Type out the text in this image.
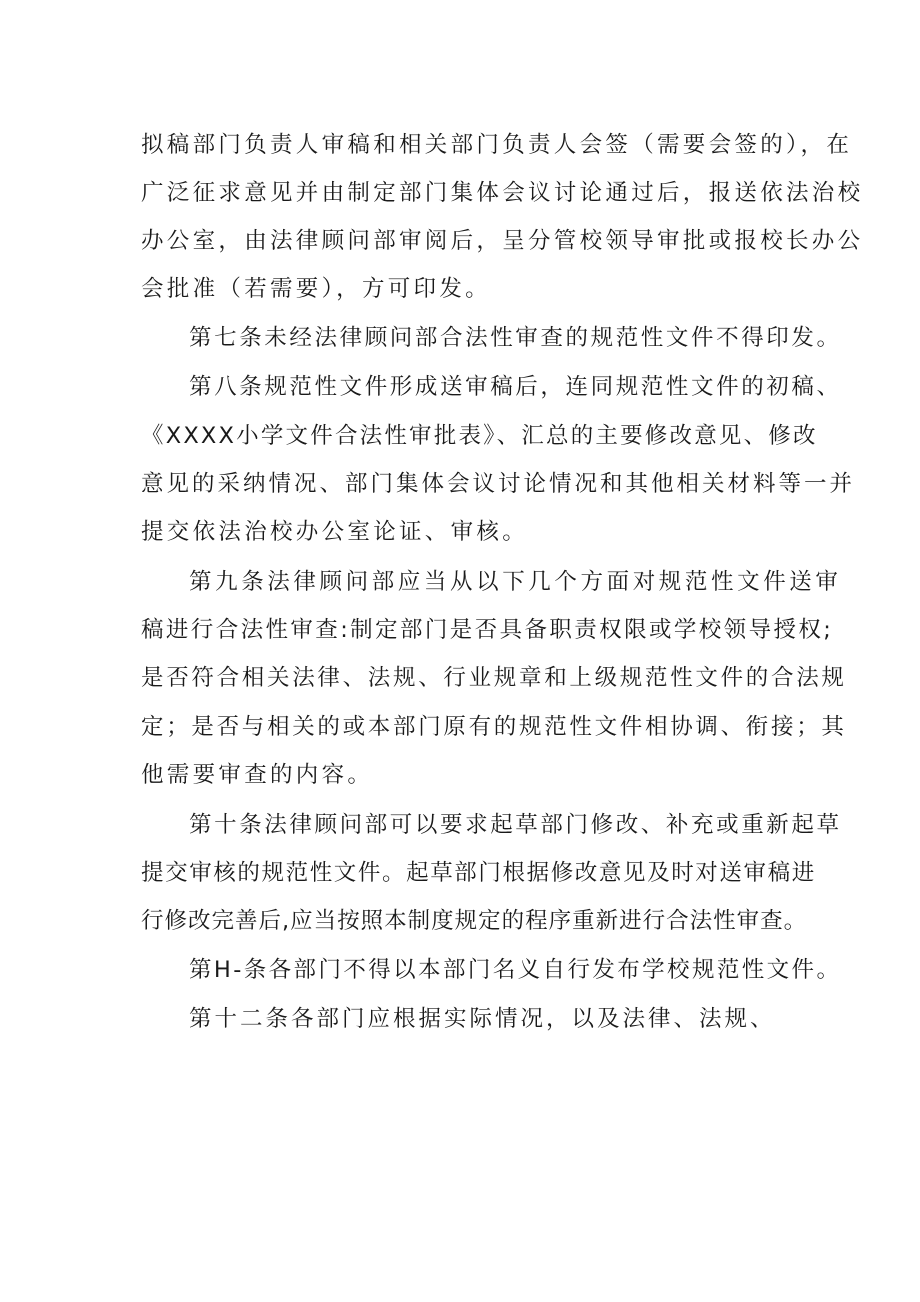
拟稿部门负责人审稿和相关部门负责人会签（需要会签的），在
广泛征求意见并由制定部门集体会议讨论通过后，报送依法治校
办公室，由法律顾问部审阅后，呈分管校领导审批或报校长办公
会批准（若需要），方可印发。
第七条未经法律顾问部合法性审查的规范性文件不得印发。
第八条规范性文件形成送审稿后，连同规范性文件的初稿、
《XXXX小学文件合法性审批表》、汇总的主要修改意见、修改
意见的采纳情况、部门集体会议讨论情况和其他相关材料等一并
提交依法治校办公室论证、审核。
第九条法律顾问部应当从以下几个方面对规范性文件送审
稿进行合法性审查:制定部门是否具备职责权限或学校领导授权;
是否符合相关法律、法规、行业规章和上级规范性文件的合法规
定；是否与相关的或本部门原有的规范性文件相协调、衔接；其
他需要审查的内容。
第十条法律顾问部可以要求起草部门修改、补充或重新起草
提交审核的规范性文件。起草部门根据修改意见及时对送审稿进
行修改完善后,应当按照本制度规定的程序重新进行合法性审查。
第H-条各部门不得以本部门名义自行发布学校规范性文件。
第十二条各部门应根据实际情况，以及法律、法规、
